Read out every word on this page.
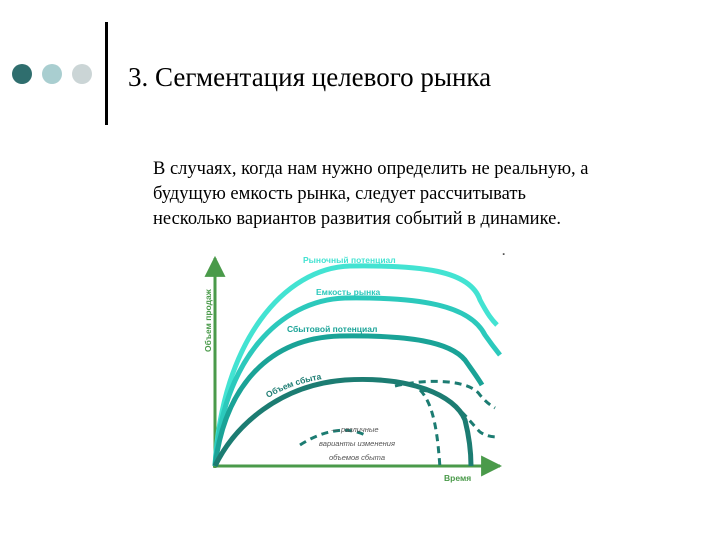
3. Сегментация целевого рынка
В случаях, когда нам нужно определить не реальную, а
будущую емкость рынка, следует рассчитывать
несколько вариантов развития событий в динамике.
.
Рыночный потенциал
Емкость рынка
Сбытовой потенциал
Объем сбыта
— различные
варианты изменения
объемов сбыта
Объем продаж
Время
